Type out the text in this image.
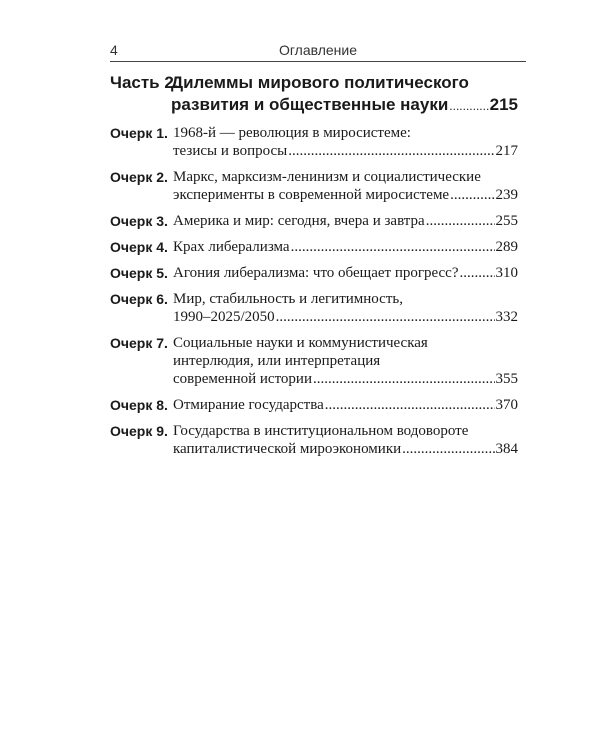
4	Оглавление
Часть 2.
Дилеммы мирового политического
развития и общественные науки ..... 215
Очерк 1. 1968-й — революция в миросистеме:
тезисы и вопросы .....	217
Очерк 2. Маркс, марксизм-ленинизм и социалистические
эксперименты в современной миросистеме .....	239
Очерк 3. Америка и мир: сегодня, вчера и завтра .....	255
Очерк 4. Крах либерализма .....	289
Очерк 5. Агония либерализма: что обещает прогресс? ..... 310
Очерк 6. Мир, стабильность и легитимность,
1990–2025/2050 .....	332
Очерк 7. Социальные науки и коммунистическая
интерлюдия, или интерпретация
современной истории .....	355
Очерк 8. Отмирание государства .....	370
Очерк 9. Государства в институциональном водовороте
капиталистической мироэкономики .....	384
